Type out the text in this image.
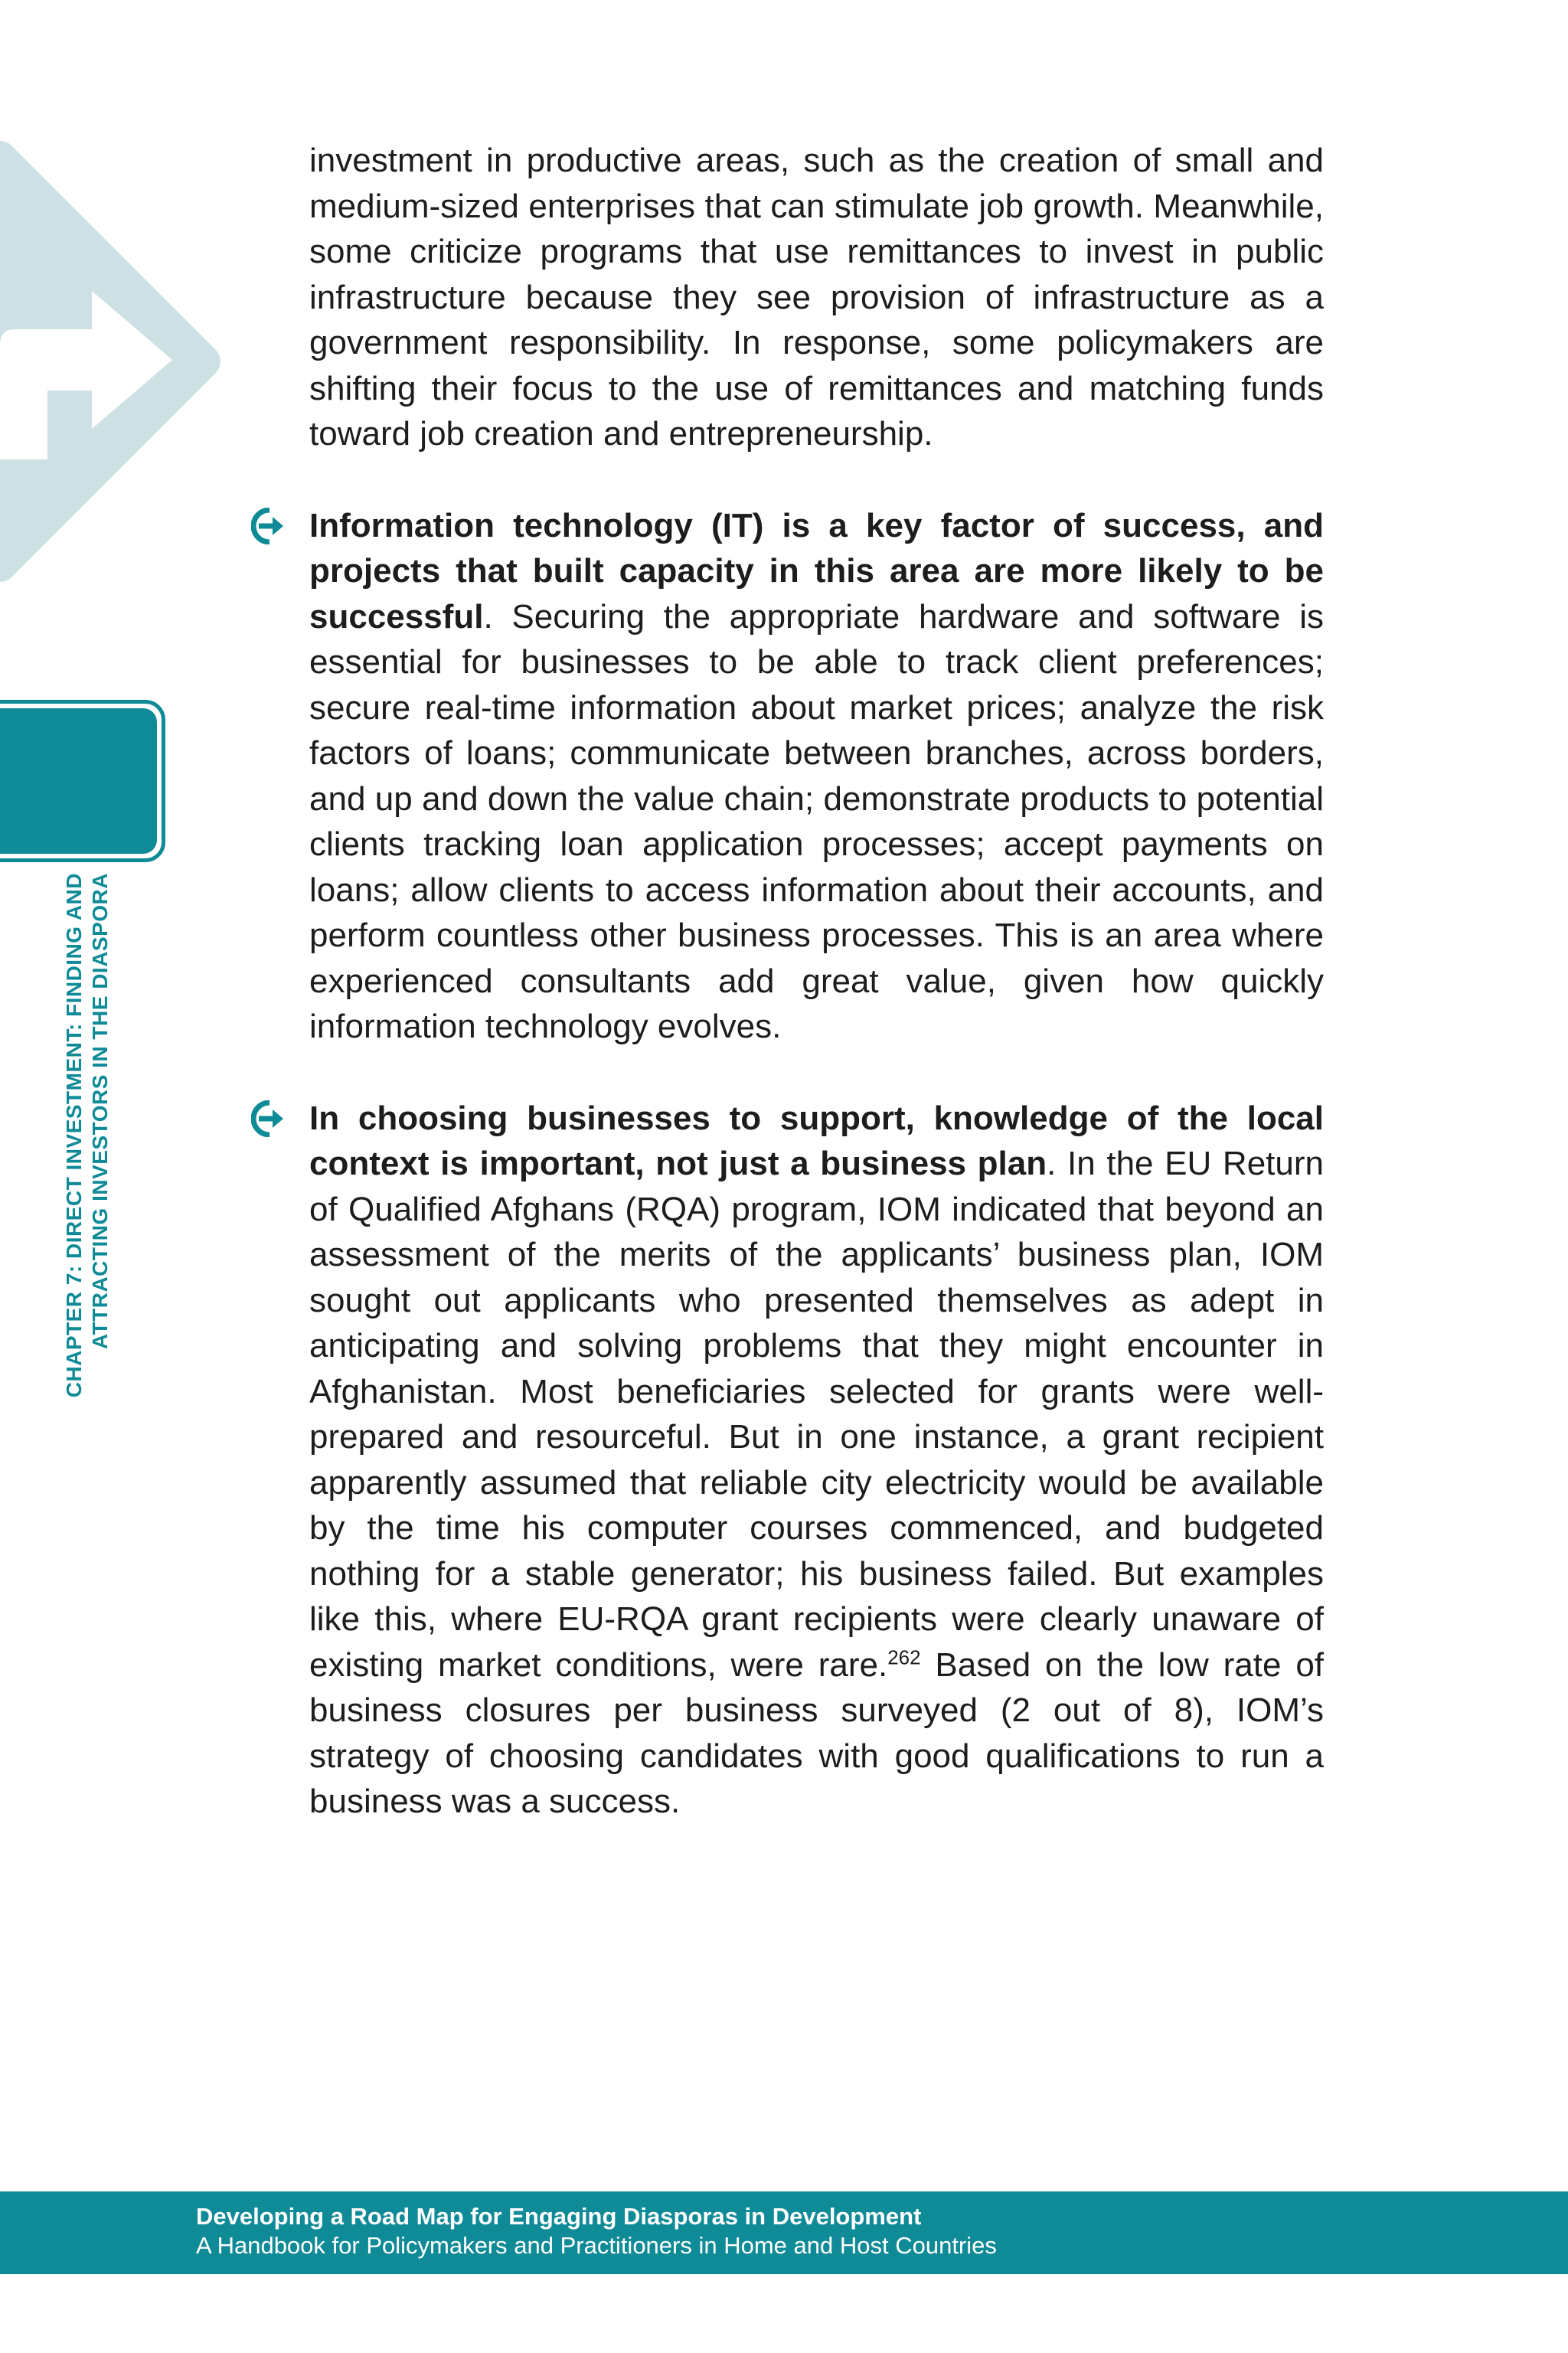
158
CHAPTER 7: DIRECT INVESTMENT: FINDING AND ATTRACTING INVESTORS IN THE DIASPORA

investment in productive areas, such as the creation of small and medium-sized enterprises that can stimulate job growth. Meanwhile, some criticize programs that use remittances to invest in public infrastructure because they see provision of infrastructure as a government responsibility. In response, some policymakers are shifting their focus to the use of remittances and matching funds toward job creation and entrepreneurship.

Information technology (IT) is a key factor of success, and projects that built capacity in this area are more likely to be successful. Securing the appropriate hardware and software is essential for businesses to be able to track client preferences; secure real-time information about market prices; analyze the risk factors of loans; communicate between branches, across borders, and up and down the value chain; demonstrate products to potential clients tracking loan application processes; accept payments on loans; allow clients to access information about their accounts, and perform countless other business processes. This is an area where experienced consultants add great value, given how quickly information technology evolves.

In choosing businesses to support, knowledge of the local context is important, not just a business plan. In the EU Return of Qualified Afghans (RQA) program, IOM indicated that beyond an assessment of the merits of the applicants’ business plan, IOM sought out applicants who presented themselves as adept in anticipating and solving problems that they might encounter in Afghanistan. Most beneficiaries selected for grants were well-prepared and resourceful. But in one instance, a grant recipient apparently assumed that reliable city electricity would be available by the time his computer courses commenced, and budgeted nothing for a stable generator; his business failed. But examples like this, where EU-RQA grant recipients were clearly unaware of existing market conditions, were rare.$^{262}$ Based on the low rate of business closures per business surveyed (2 out of 8), IOM’s strategy of choosing candidates with good qualifications to run a business was a success.

Developing a Road Map for Engaging Diasporas in Development
A Handbook for Policymakers and Practitioners in Home and Host Countries
